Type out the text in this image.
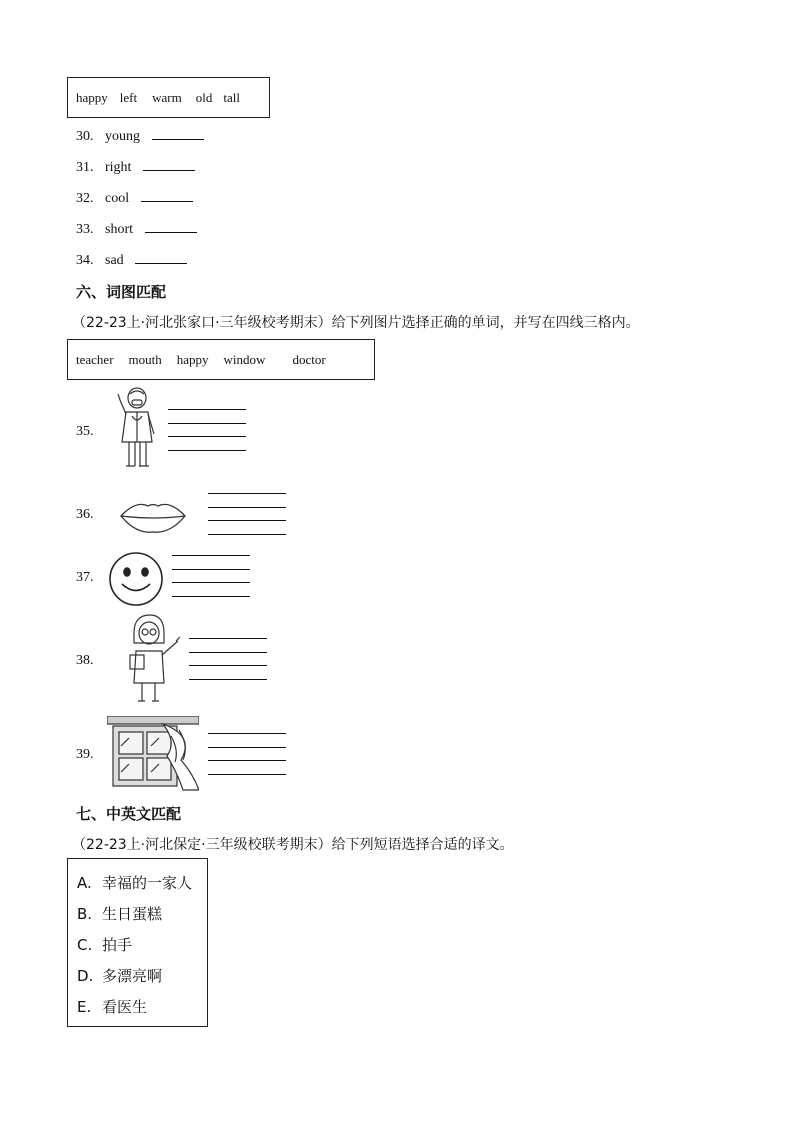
happy left warm old tall
30. young
31. right
32. cool
33. short
34. sad
六、词图匹配
（22-23上·河北张家口·三年级校考期末）给下列图片选择正确的单词，并写在四线三格内。
teacher mouth happy window doctor
35.
36.
37.
38.
39.
七、中英文匹配
（22-23上·河北保定·三年级校联考期末）给下列短语选择合适的译文。
A. 幸福的一家人
B. 生日蛋糕
C. 拍手
D. 多漂亮啊
E. 看医生
